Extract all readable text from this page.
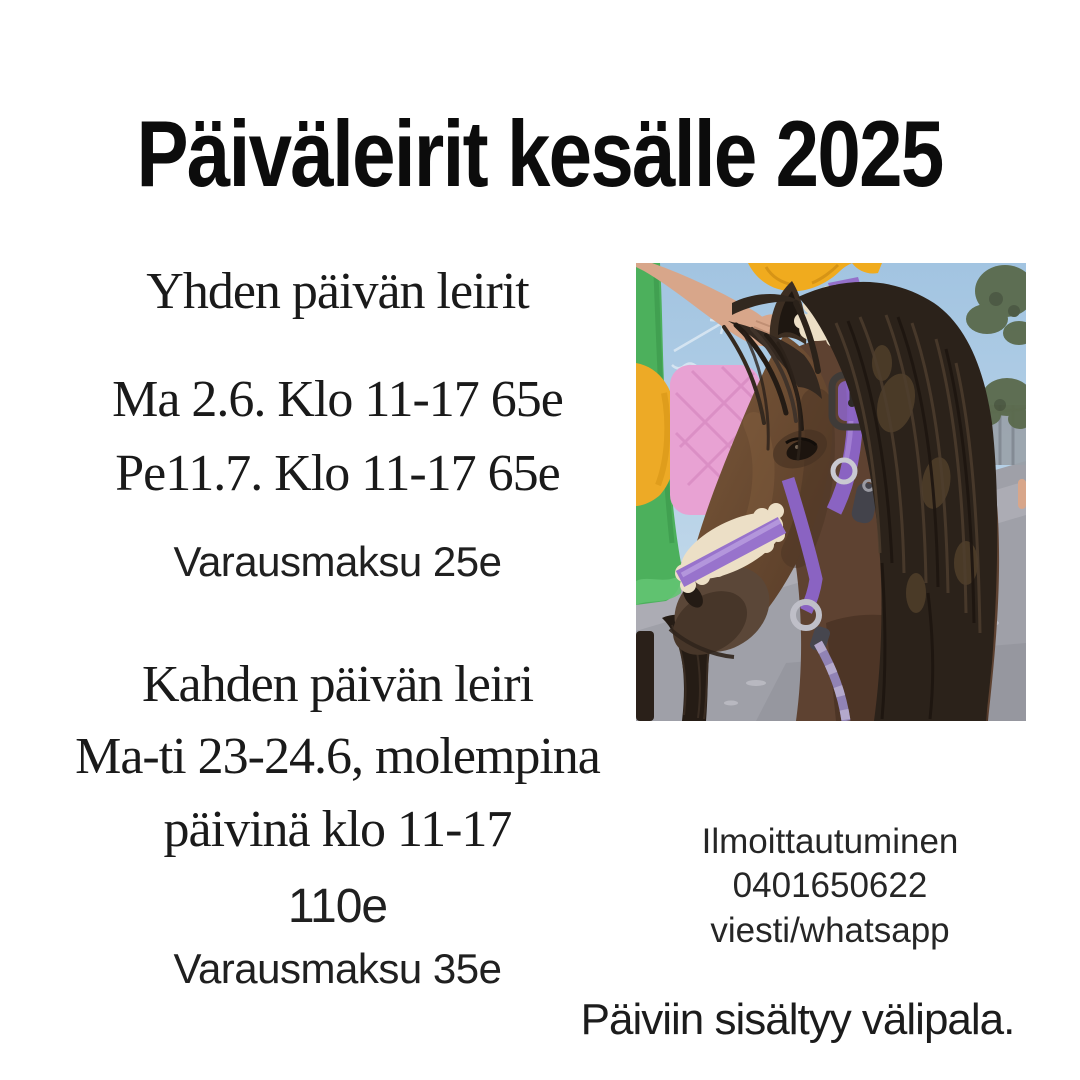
Päiväleirit kesälle 2025
Yhden päivän leirit
Ma 2.6. Klo 11-17 65e
Pe11.7. Klo 11-17 65e
Varausmaksu 25e
Kahden päivän leiri
Ma-ti 23-24.6, molempina
päivinä klo 11-17
110e
Varausmaksu 35e
Ilmoittautuminen
0401650622
viesti/whatsapp
Päiviin sisältyy välipala.
